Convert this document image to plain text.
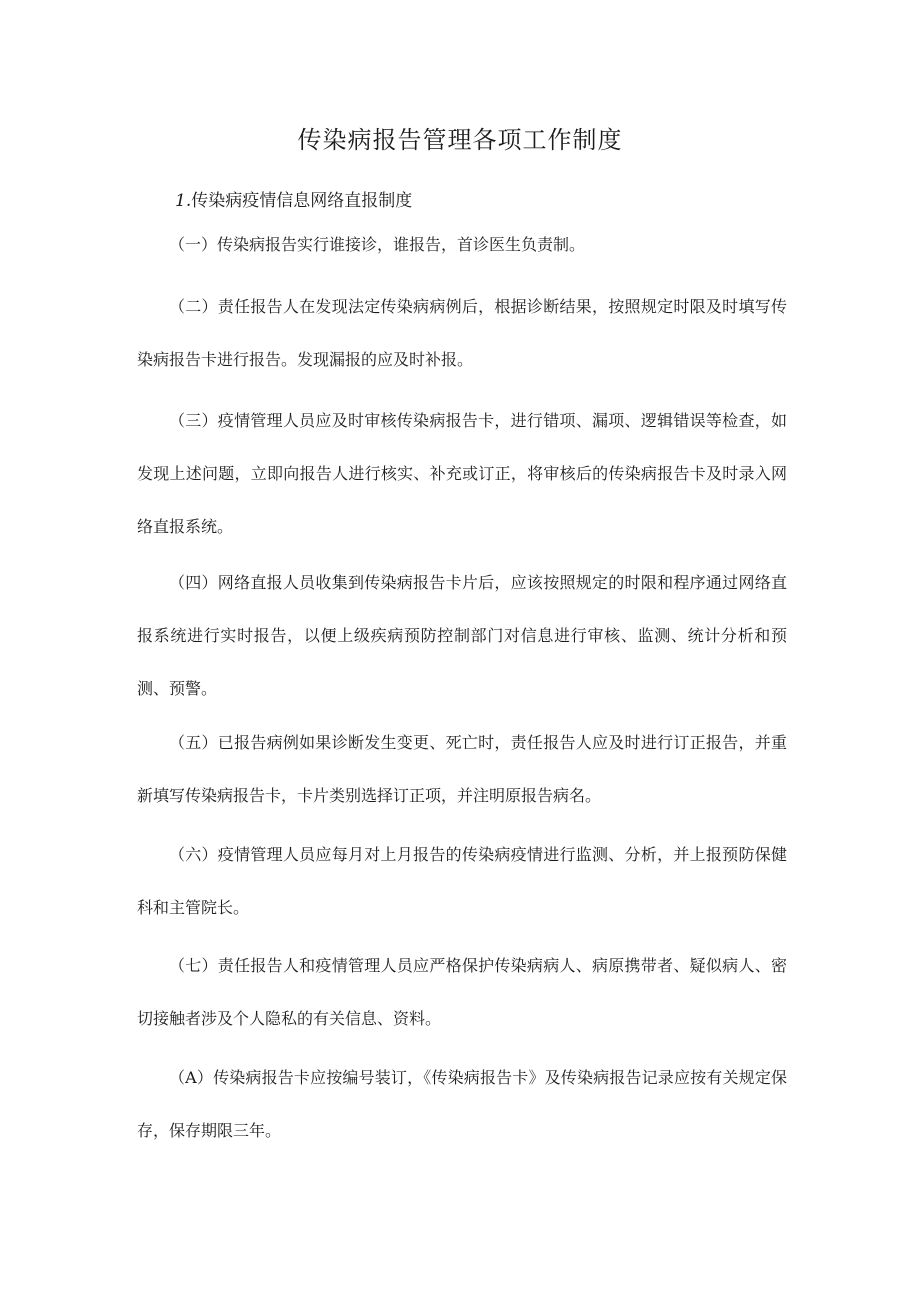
传染病报告管理各项工作制度
1.传染病疫情信息网络直报制度

（一）传染病报告实行谁接诊，谁报告，首诊医生负责制。

（二）责任报告人在发现法定传染病病例后，根据诊断结果，按照规定时限及时填写传染病报告卡进行报告。发现漏报的应及时补报。

（三）疫情管理人员应及时审核传染病报告卡，进行错项、漏项、逻辑错误等检查，如发现上述问题，立即向报告人进行核实、补充或订正，将审核后的传染病报告卡及时录入网络直报系统。

（四）网络直报人员收集到传染病报告卡片后，应该按照规定的时限和程序通过网络直报系统进行实时报告，以便上级疾病预防控制部门对信息进行审核、监测、统计分析和预测、预警。

（五）已报告病例如果诊断发生变更、死亡时，责任报告人应及时进行订正报告，并重新填写传染病报告卡，卡片类别选择订正项，并注明原报告病名。

（六）疫情管理人员应每月对上月报告的传染病疫情进行监测、分析，并上报预防保健科和主管院长。

（七）责任报告人和疫情管理人员应严格保护传染病病人、病原携带者、疑似病人、密切接触者涉及个人隐私的有关信息、资料。

（A）传染病报告卡应按编号装订，《传染病报告卡》及传染病报告记录应按有关规定保存，保存期限三年。
